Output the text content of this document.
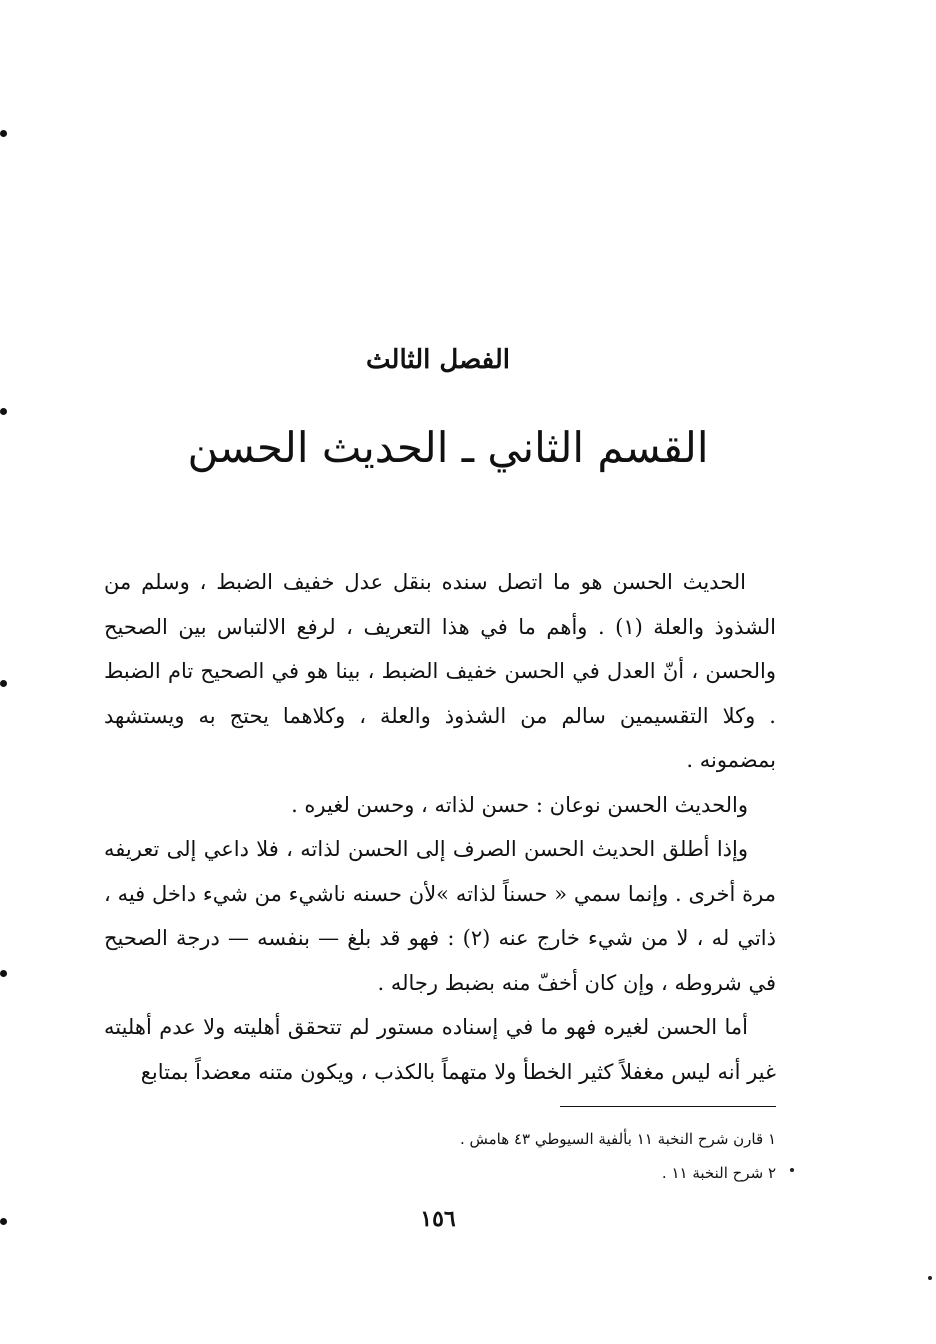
الفصل الثالث
القسم الثاني ـ الحديث الحسن

الحديث الحسن هو ما اتصل سنده بنقل عدل خفيف الضبط ، وسلم من الشذوذ والعلة (١) . وأهم ما في هذا التعريف ، لرفع الالتباس بين الصحيح والحسن ، أنّ العدل في الحسن خفيف الضبط ، بينا هو في الصحيح تام الضبط . وكلا التقسيمين سالم من الشذوذ والعلة ، وكلاهما يحتج به ويستشهد بمضمونه .

والحديث الحسن نوعان : حسن لذاته ، وحسن لغيره .

وإذا أطلق الحديث الحسن الصرف إلى الحسن لذاته ، فلا داعي إلى تعريفه مرة أخرى . وإنما سمي « حسناً لذاته »لأن حسنه ناشيء من شيء داخل فيه ، ذاتي له ، لا من شيء خارج عنه (٢) : فهو قد بلغ — بنفسه — درجة الصحيح في شروطه ، وإن كان أخفّ منه بضبط رجاله .

أما الحسن لغيره فهو ما في إسناده مستور لم تتحقق أهليته ولا عدم أهليته غير أنه ليس مغفلاً كثير الخطأ ولا متهماً بالكذب ، ويكون متنه معضداً بمتابع

١ قارن شرح النخبة ١١ بألفية السيوطي ٤٣ هامش .

٢ شرح النخبة ١١ .

١٥٦
